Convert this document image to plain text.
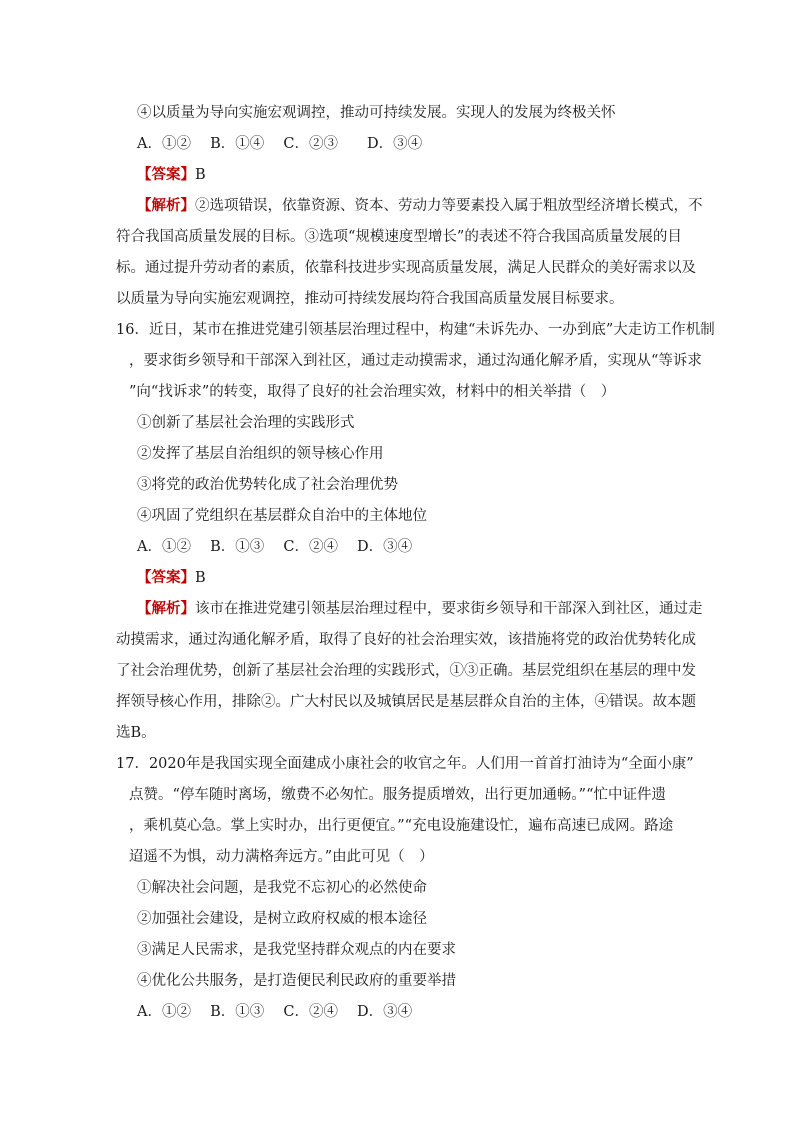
④以质量为导向实施宏观调控，推动可持续发展。实现人的发展为终极关怀
A．①②　 B．①④　 C．②③　　D．③④
【答案】B
【解析】②选项错误，依靠资源、资本、劳动力等要素投入属于粗放型经济增长模式，不
符合我国高质量发展的目标。③选项“规模速度型增长”的表述不符合我国高质量发展的目
标。通过提升劳动者的素质，依靠科技进步实现高质量发展，满足人民群众的美好需求以及
以质量为导向实施宏观调控，推动可持续发展均符合我国高质量发展目标要求。
16．近日，某市在推进党建引领基层治理过程中，构建“未诉先办、一办到底”大走访工作机制
，要求街乡领导和干部深入到社区，通过走动摸需求，通过沟通化解矛盾，实现从“等诉求
”向“找诉求”的转变，取得了良好的社会治理实效，材料中的相关举措（　）
①创新了基层社会治理的实践形式
②发挥了基层自治组织的领导核心作用
③将党的政治优势转化成了社会治理优势
④巩固了党组织在基层群众自治中的主体地位
A．①②　 B．①③　 C．②④　 D．③④
【答案】B
【解析】该市在推进党建引领基层治理过程中，要求街乡领导和干部深入到社区，通过走
动摸需求，通过沟通化解矛盾，取得了良好的社会治理实效，该措施将党的政治优势转化成
了社会治理优势，创新了基层社会治理的实践形式，①③正确。基层党组织在基层的理中发
挥领导核心作用，排除②。广大村民以及城镇居民是基层群众自治的主体，④错误。故本题
选B。
17．2020年是我国实现全面建成小康社会的收官之年。人们用一首首打油诗为“全面小康”
点赞。“停车随时离场，缴费不必匆忙。服务提质增效，出行更加通畅。”“忙中证件遗
，乘机莫心急。掌上实时办，出行更便宜。”“充电设施建设忙，遍布高速已成网。路途
迢遥不为惧，动力满格奔远方。”由此可见（　）
①解决社会问题，是我党不忘初心的必然使命
②加强社会建设，是树立政府权威的根本途径
③满足人民需求，是我党坚持群众观点的内在要求
④优化公共服务，是打造便民利民政府的重要举措
A．①②　 B．①③　 C．②④　 D．③④
